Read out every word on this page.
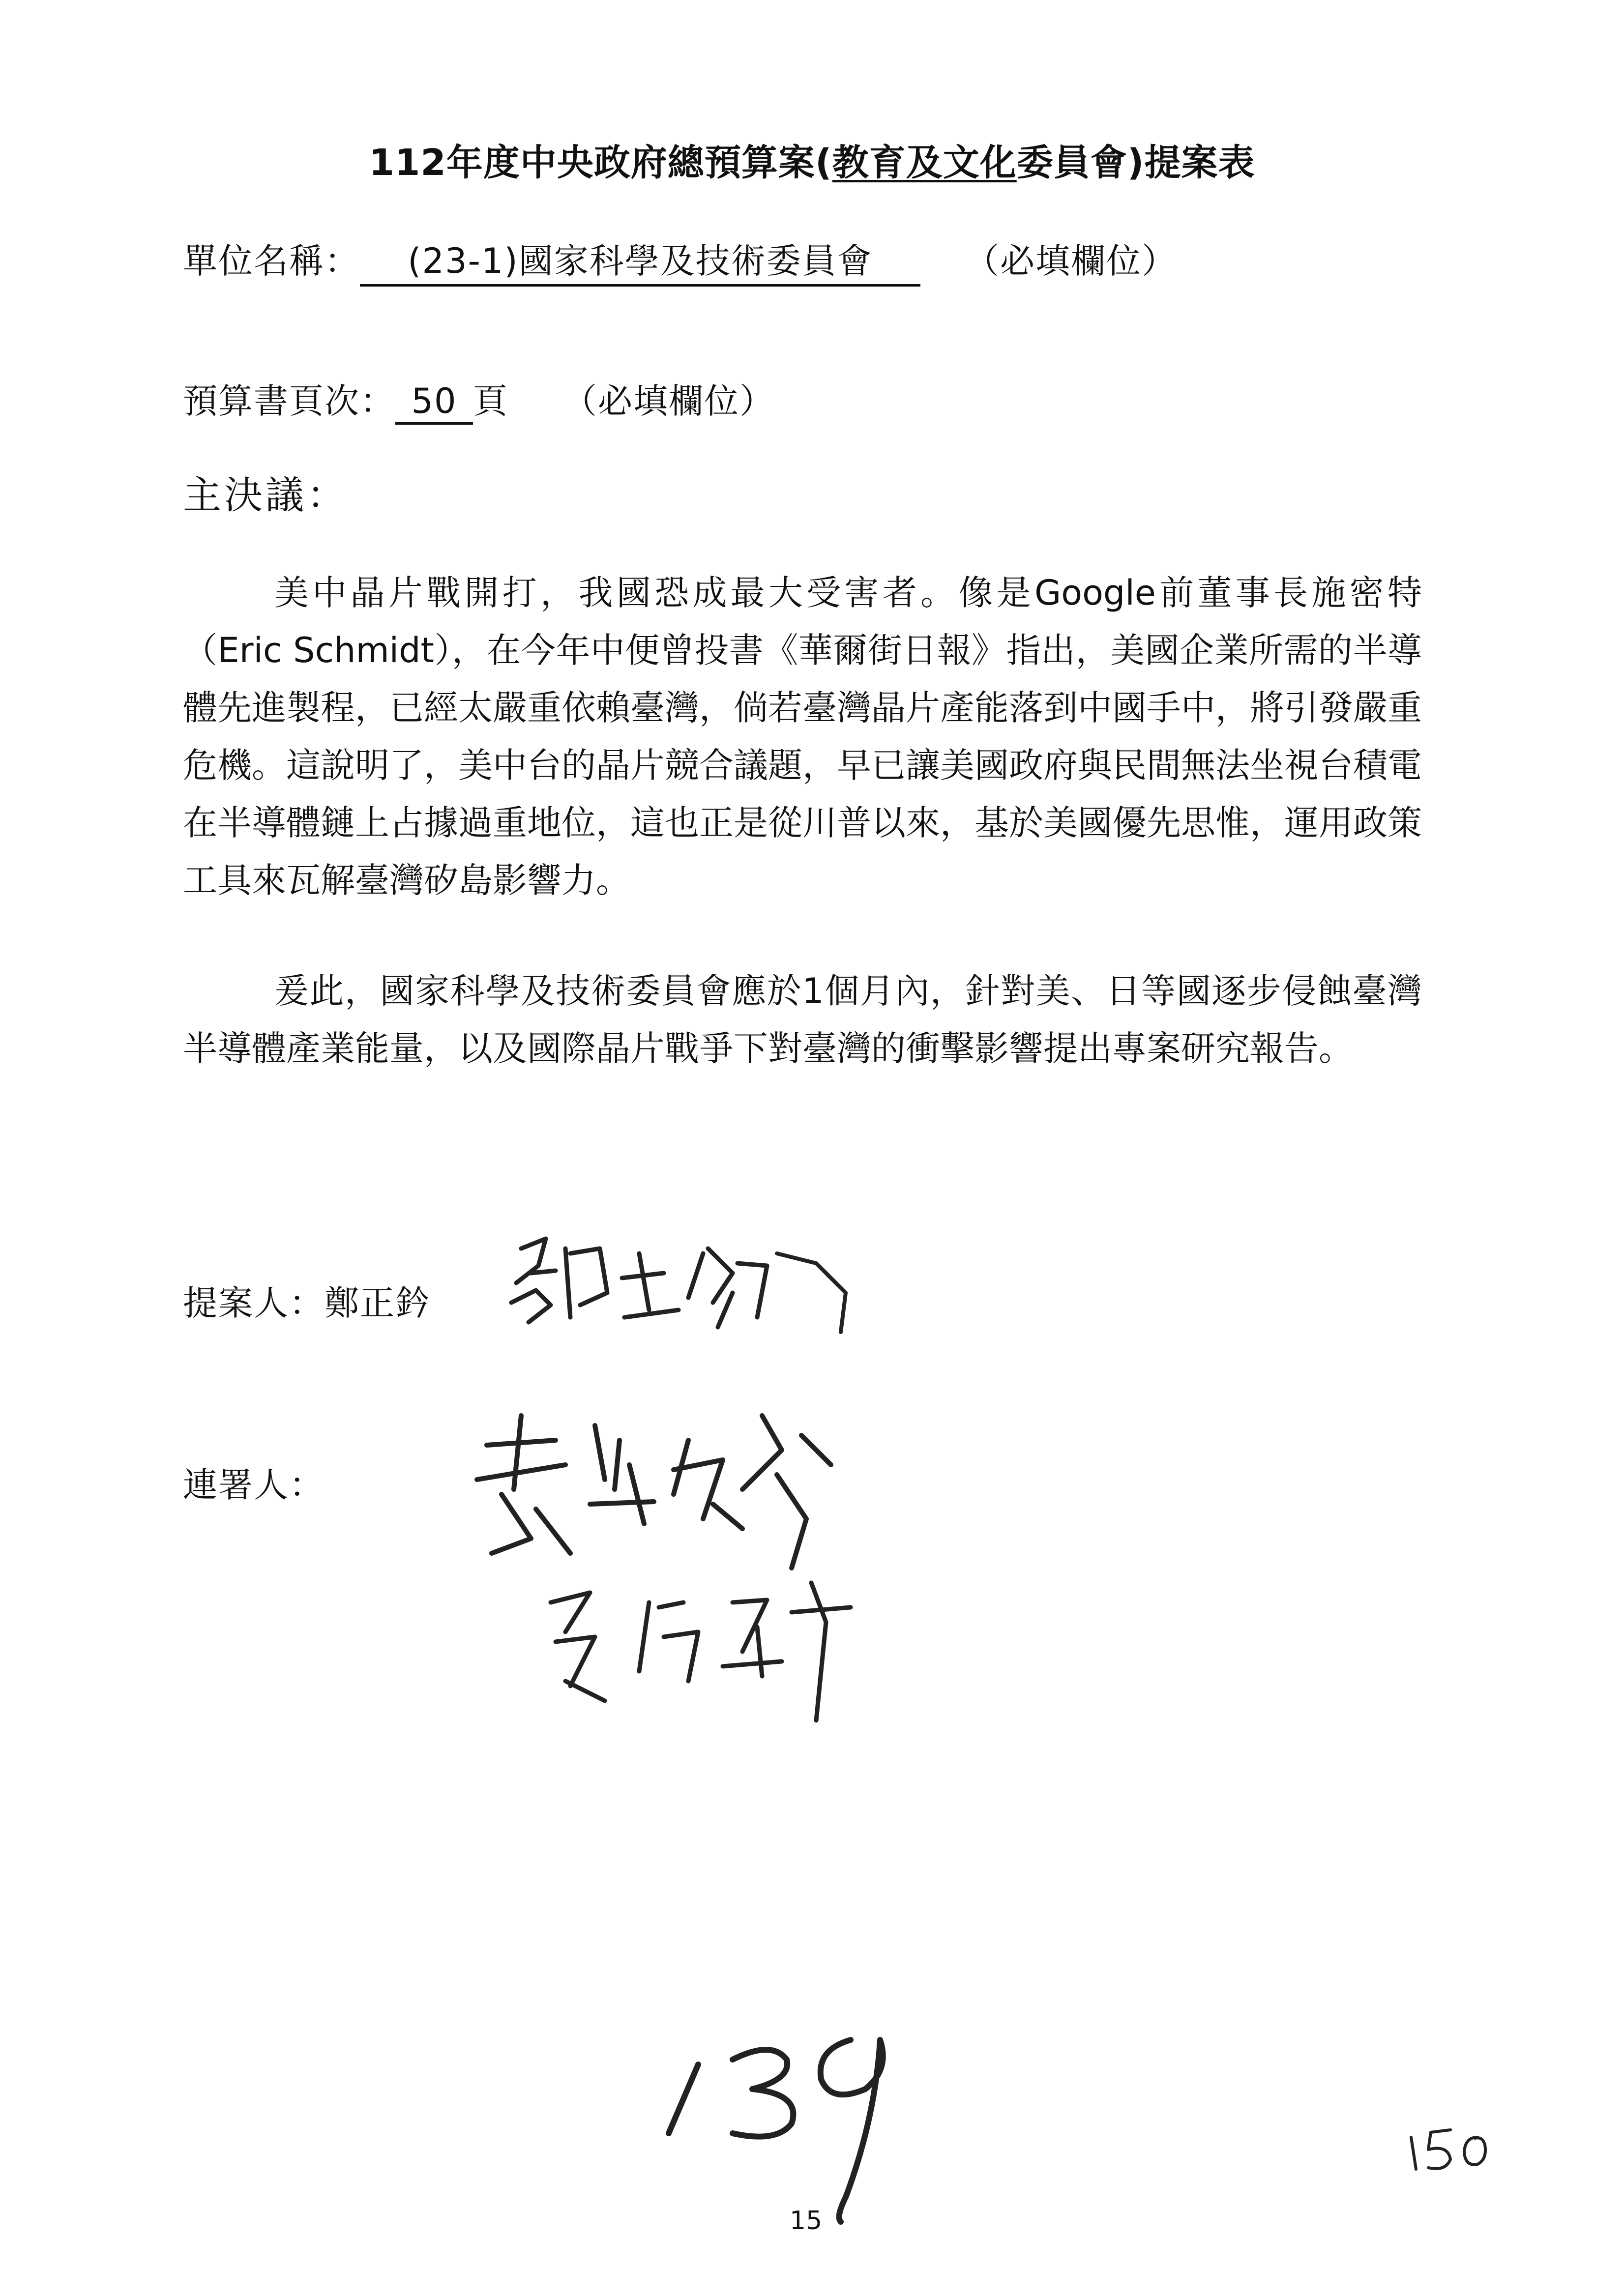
112年度中央政府總預算案(教育及文化委員會)提案表
單位名稱： (23-1)國家科學及技術委員會	（必填欄位）
預算書頁次： 50 頁 （必填欄位）
主決議：
美中晶片戰開打，我國恐成最大受害者。像是Google前董事長施密特（Eric Schmidt），在今年中便曾投書《華爾街日報》指出，美國企業所需的半導體先進製程，已經太嚴重依賴臺灣，倘若臺灣晶片產能落到中國手中，將引發嚴重危機。這說明了，美中台的晶片競合議題，早已讓美國政府與民間無法坐視台積電在半導體鏈上占據過重地位，這也正是從川普以來，基於美國優先思惟，運用政策工具來瓦解臺灣矽島影響力。
爰此，國家科學及技術委員會應於1個月內，針對美、日等國逐步侵蝕臺灣半導體產業能量，以及國際晶片戰爭下對臺灣的衝擊影響提出專案研究報告。
提案人：鄭正鈐
連署人：
15
